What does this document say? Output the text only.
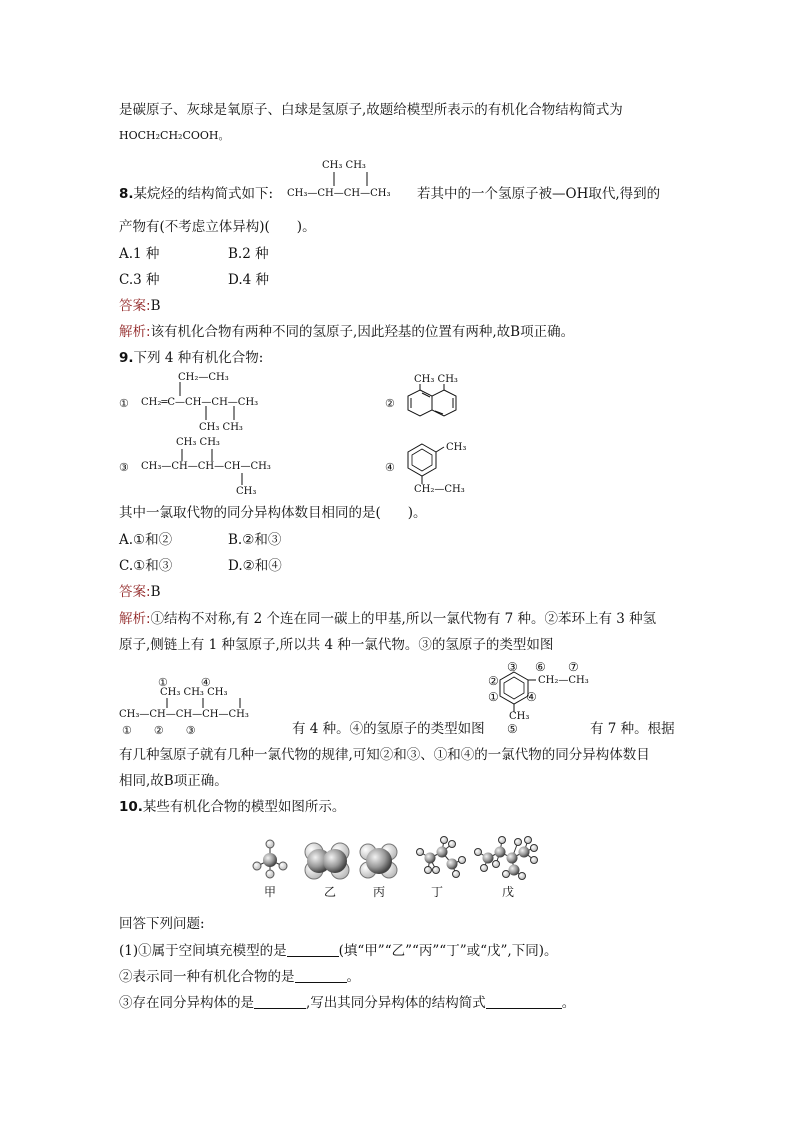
是碳原子、灰球是氧原子、白球是氢原子,故题给模型所表示的有机化合物结构简式为
HOCH₂CH₂COOH。
CH₃ CH₃
8.某烷烃的结构简式如下: CH₃—CH—CH—CH₃ 若其中的一个氢原子被—OH取代,得到的
产物有(不考虑立体异构)(　　)。
A.1 种	B.2 种
C.3 种	D.4 种
答案:B
解析:该有机化合物有两种不同的氢原子,因此羟基的位置有两种,故B项正确。
9.下列 4 种有机化合物:
CH₂—CH₃
① CH₂═C—CH—CH—CH₃
CH₃ CH₃
②
CH₃ CH₃
CH₃ CH₃
③ CH₃—CH—CH—CH—CH₃
CH₃
④
CH₃
CH₂—CH₃
其中一氯取代物的同分异构体数目相同的是(　　)。
A.①和②	B.②和③
C.①和③	D.②和④
答案:B
解析:①结构不对称,有 2 个连在同一碳上的甲基,所以一氯代物有 7 种。②苯环上有 3 种氢
原子,侧链上有 1 种氢原子,所以共 4 种一氯代物。③的氢原子的类型如图
①　　　④
CH₃ CH₃ CH₃
CH₃—CH—CH—CH—CH₃
①　　②　　③	有 4 种。④的氢原子的类型如图
③ ⑥ ⑦
CH₂—CH₃
②
① ④
CH₃
⑤	有 7 种。根据
有几种氢原子就有几种一氯代物的规律,可知②和③、①和④的一氯代物的同分异构体数目
相同,故B项正确。
10.某些有机化合物的模型如图所示。
甲	乙	丙	丁	戊
回答下列问题:
(1)①属于空间填充模型的是	(填“甲”“乙”“丙”“丁”或“戊”,下同)。
②表示同一种有机化合物的是	。
③存在同分异构体的是	,写出其同分异构体的结构简式	。
